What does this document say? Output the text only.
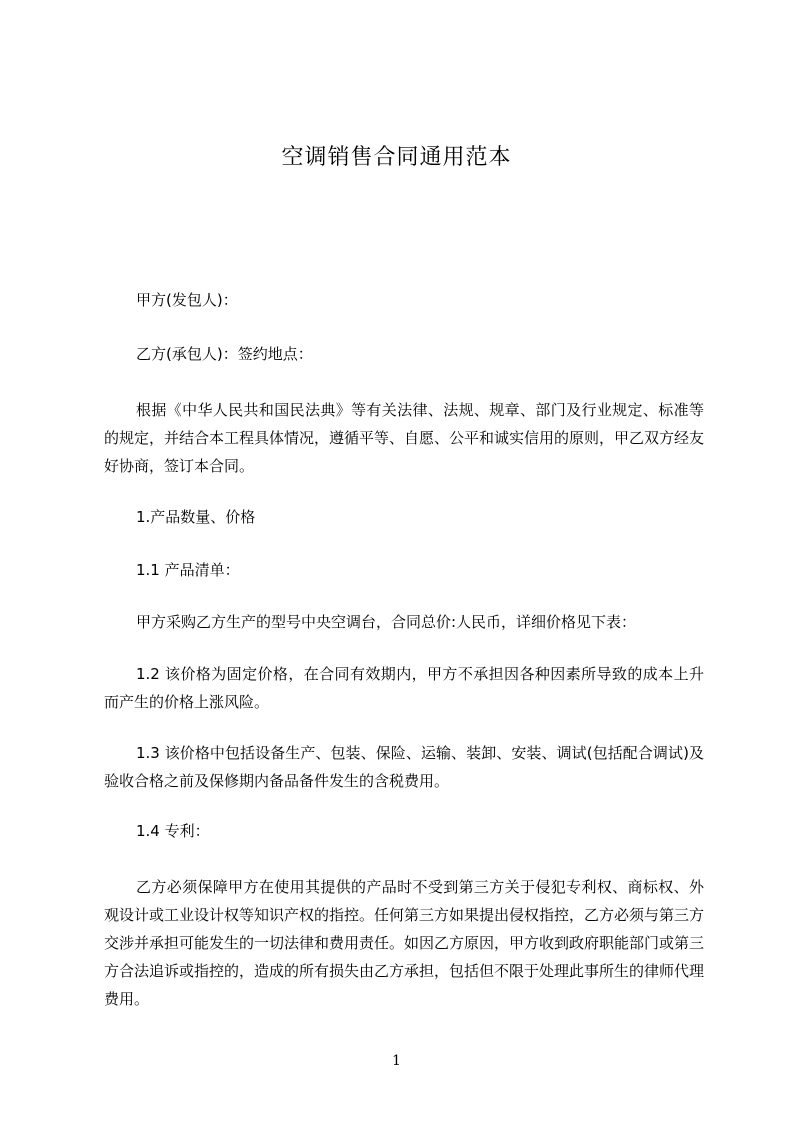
空调销售合同通用范本
甲方(发包人)：
乙方(承包人)：签约地点：
根据《中华人民共和国民法典》等有关法律、法规、规章、部门及行业规定、标准等的规定，并结合本工程具体情况，遵循平等、自愿、公平和诚实信用的原则，甲乙双方经友好协商，签订本合同。
1.产品数量、价格
1.1 产品清单：
甲方采购乙方生产的型号中央空调台，合同总价:人民币，详细价格见下表：
1.2 该价格为固定价格，在合同有效期内，甲方不承担因各种因素所导致的成本上升而产生的价格上涨风险。
1.3 该价格中包括设备生产、包装、保险、运输、装卸、安装、调试(包括配合调试)及验收合格之前及保修期内备品备件发生的含税费用。
1.4 专利：
乙方必须保障甲方在使用其提供的产品时不受到第三方关于侵犯专利权、商标权、外观设计或工业设计权等知识产权的指控。任何第三方如果提出侵权指控，乙方必须与第三方交涉并承担可能发生的一切法律和费用责任。如因乙方原因，甲方收到政府职能部门或第三方合法追诉或指控的，造成的所有损失由乙方承担，包括但不限于处理此事所生的律师代理费用。
1
